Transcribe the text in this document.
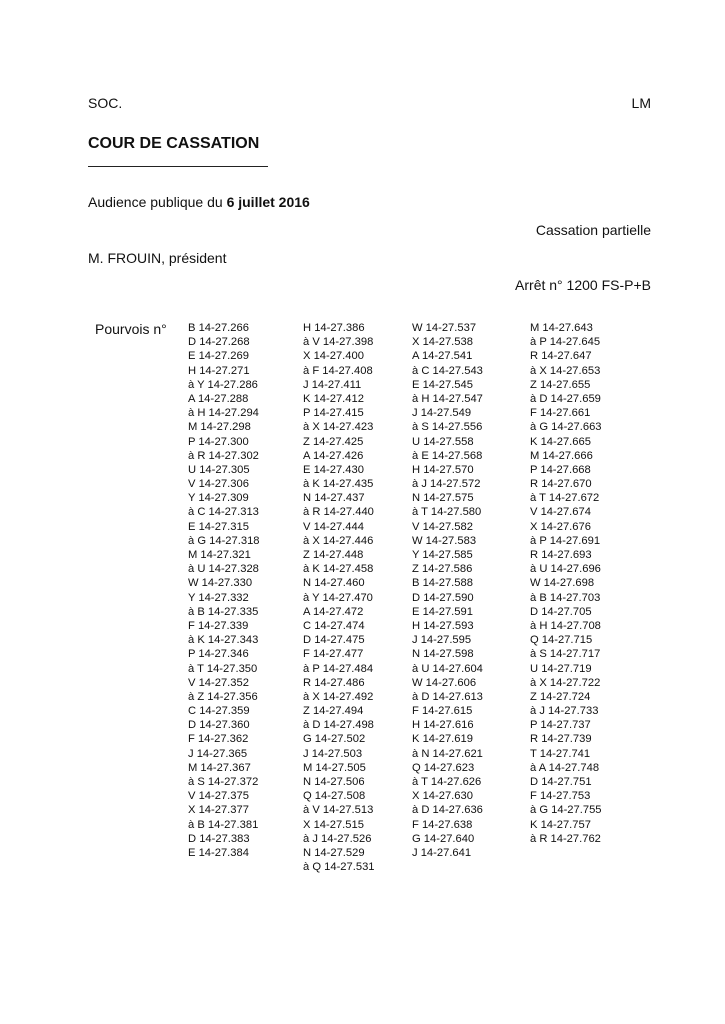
SOC.	LM
COUR DE CASSATION
Audience publique du 6 juillet 2016
Cassation partielle
M. FROUIN, président
Arrêt n° 1200 FS-P+B
Pourvois n° B 14-27.266
D 14-27.268
E 14-27.269
H 14-27.271
à Y 14-27.286
A 14-27.288
à H 14-27.294
M 14-27.298
P 14-27.300
à R 14-27.302
U 14-27.305
V 14-27.306
Y 14-27.309
à C 14-27.313
E 14-27.315
à G 14-27.318
M 14-27.321
à U 14-27.328
W 14-27.330
Y 14-27.332
à B 14-27.335
F 14-27.339
à K 14-27.343
P 14-27.346
à T 14-27.350
V 14-27.352
à Z 14-27.356
C 14-27.359
D 14-27.360
F 14-27.362
J 14-27.365
M 14-27.367
à S 14-27.372
V 14-27.375
X 14-27.377
à B 14-27.381
D 14-27.383
E 14-27.384
H 14-27.386
à V 14-27.398
X 14-27.400
à F 14-27.408
J 14-27.411
K 14-27.412
P 14-27.415
à X 14-27.423
Z 14-27.425
A 14-27.426
E 14-27.430
à K 14-27.435
N 14-27.437
à R 14-27.440
V 14-27.444
à X 14-27.446
Z 14-27.448
à K 14-27.458
N 14-27.460
à Y 14-27.470
A 14-27.472
C 14-27.474
D 14-27.475
F 14-27.477
à P 14-27.484
R 14-27.486
à X 14-27.492
Z 14-27.494
à D 14-27.498
G 14-27.502
J 14-27.503
M 14-27.505
N 14-27.506
Q 14-27.508
à V 14-27.513
X 14-27.515
à J 14-27.526
N 14-27.529
à Q 14-27.531
W 14-27.537
X 14-27.538
A 14-27.541
à C 14-27.543
E 14-27.545
à H 14-27.547
J 14-27.549
à S 14-27.556
U 14-27.558
à E 14-27.568
H 14-27.570
à J 14-27.572
N 14-27.575
à T 14-27.580
V 14-27.582
W 14-27.583
Y 14-27.585
Z 14-27.586
B 14-27.588
D 14-27.590
E 14-27.591
H 14-27.593
J 14-27.595
N 14-27.598
à U 14-27.604
W 14-27.606
à D 14-27.613
F 14-27.615
H 14-27.616
K 14-27.619
à N 14-27.621
Q 14-27.623
à T 14-27.626
X 14-27.630
à D 14-27.636
F 14-27.638
G 14-27.640
J 14-27.641
M 14-27.643
à P 14-27.645
R 14-27.647
à X 14-27.653
Z 14-27.655
à D 14-27.659
F 14-27.661
à G 14-27.663
K 14-27.665
M 14-27.666
P 14-27.668
R 14-27.670
à T 14-27.672
V 14-27.674
X 14-27.676
à P 14-27.691
R 14-27.693
à U 14-27.696
W 14-27.698
à B 14-27.703
D 14-27.705
à H 14-27.708
Q 14-27.715
à S 14-27.717
U 14-27.719
à X 14-27.722
Z 14-27.724
à J 14-27.733
P 14-27.737
R 14-27.739
T 14-27.741
à A 14-27.748
D 14-27.751
F 14-27.753
à G 14-27.755
K 14-27.757
à R 14-27.762
